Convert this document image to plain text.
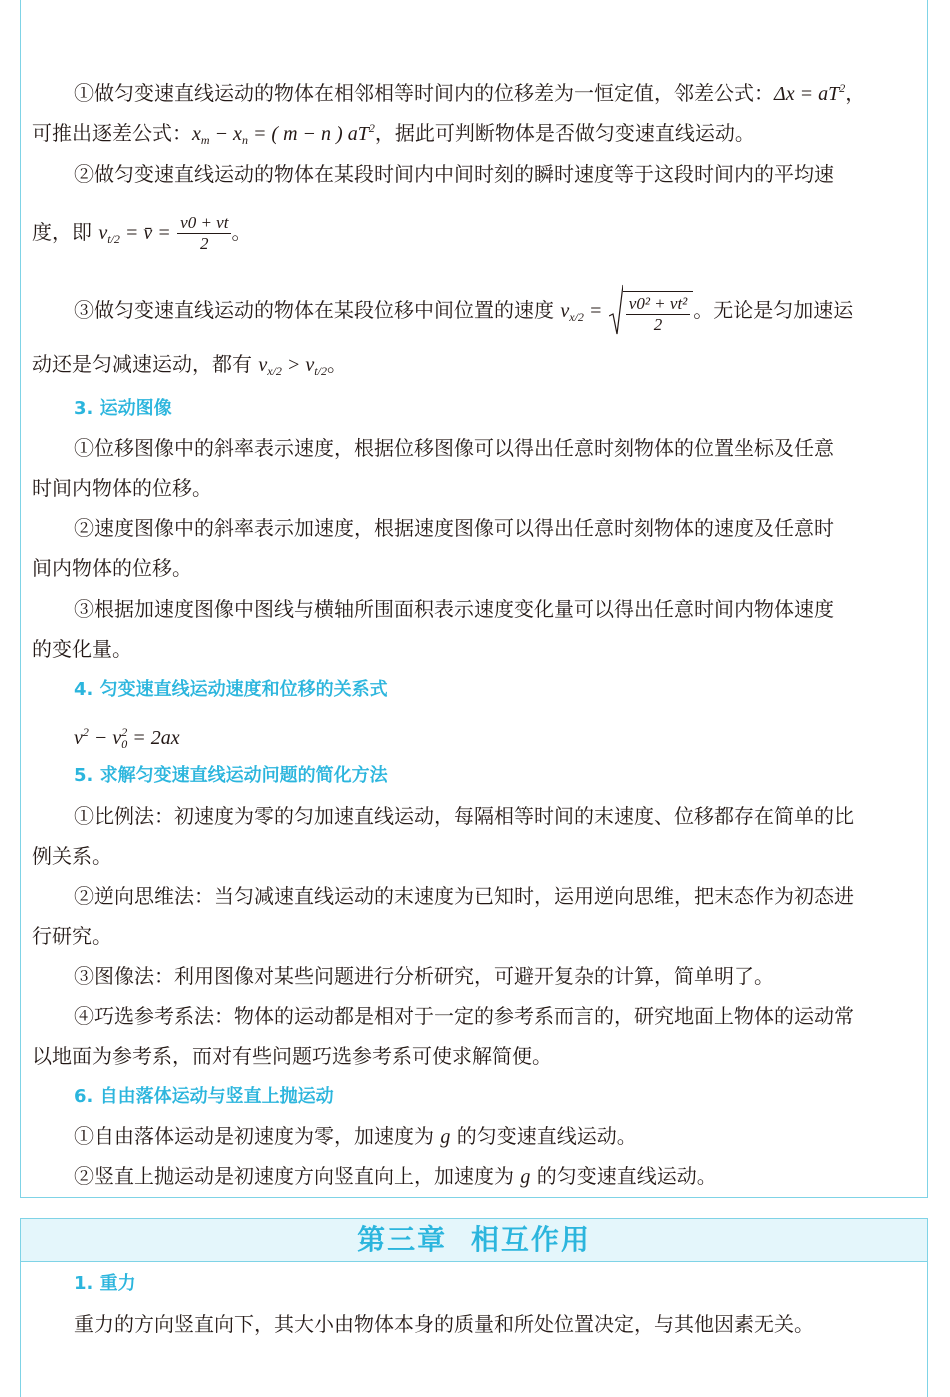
①做匀变速直线运动的物体在相邻相等时间内的位移差为一恒定值，邻差公式：$\Delta x = aT^2$，
可推出逐差公式：$x_m - x_n$ = ( m − n ) $aT^2$，据此可判断物体是否做匀变速直线运动。
②做匀变速直线运动的物体在某段时间内中间时刻的瞬时速度等于这段时间内的平均速
度，即 $v_{t/2}$ = v̄ = $\frac{v0 + vt}{2}$ 。
③做匀变速直线运动的物体在某段位移中间位置的速度 $v_{x/2} = \frac{\text{v0² + vt²}}{2}$ 。无论是匀加速运
动还是匀减速运动，都有 $v_{x/2} > v_{t/2}$。
3. 运动图像
①位移图像中的斜率表示速度，根据位移图像可以得出任意时刻物体的位置坐标及任意
时间内物体的位移。
②速度图像中的斜率表示加速度，根据速度图像可以得出任意时刻物体的速度及任意时
间内物体的位移。
③根据加速度图像中图线与横轴所围面积表示速度变化量可以得出任意时间内物体速度
的变化量。
4. 匀变速直线运动速度和位移的关系式
$v^2 - v_0^2 = 2ax$
5. 求解匀变速直线运动问题的简化方法
①比例法：初速度为零的匀加速直线运动，每隔相等时间的末速度、位移都存在简单的比
例关系。
②逆向思维法：当匀减速直线运动的末速度为已知时，运用逆向思维，把末态作为初态进
行研究。
③图像法：利用图像对某些问题进行分析研究，可避开复杂的计算，简单明了。
④巧选参考系法：物体的运动都是相对于一定的参考系而言的，研究地面上物体的运动常
以地面为参考系，而对有些问题巧选参考系可使求解简便。
6. 自由落体运动与竖直上抛运动
①自由落体运动是初速度为零，加速度为 g 的匀变速直线运动。
②竖直上抛运动是初速度方向竖直向上，加速度为 g 的匀变速直线运动。
第三章 相互作用
1. 重力
重力的方向竖直向下，其大小由物体本身的质量和所处位置决定，与其他因素无关。
